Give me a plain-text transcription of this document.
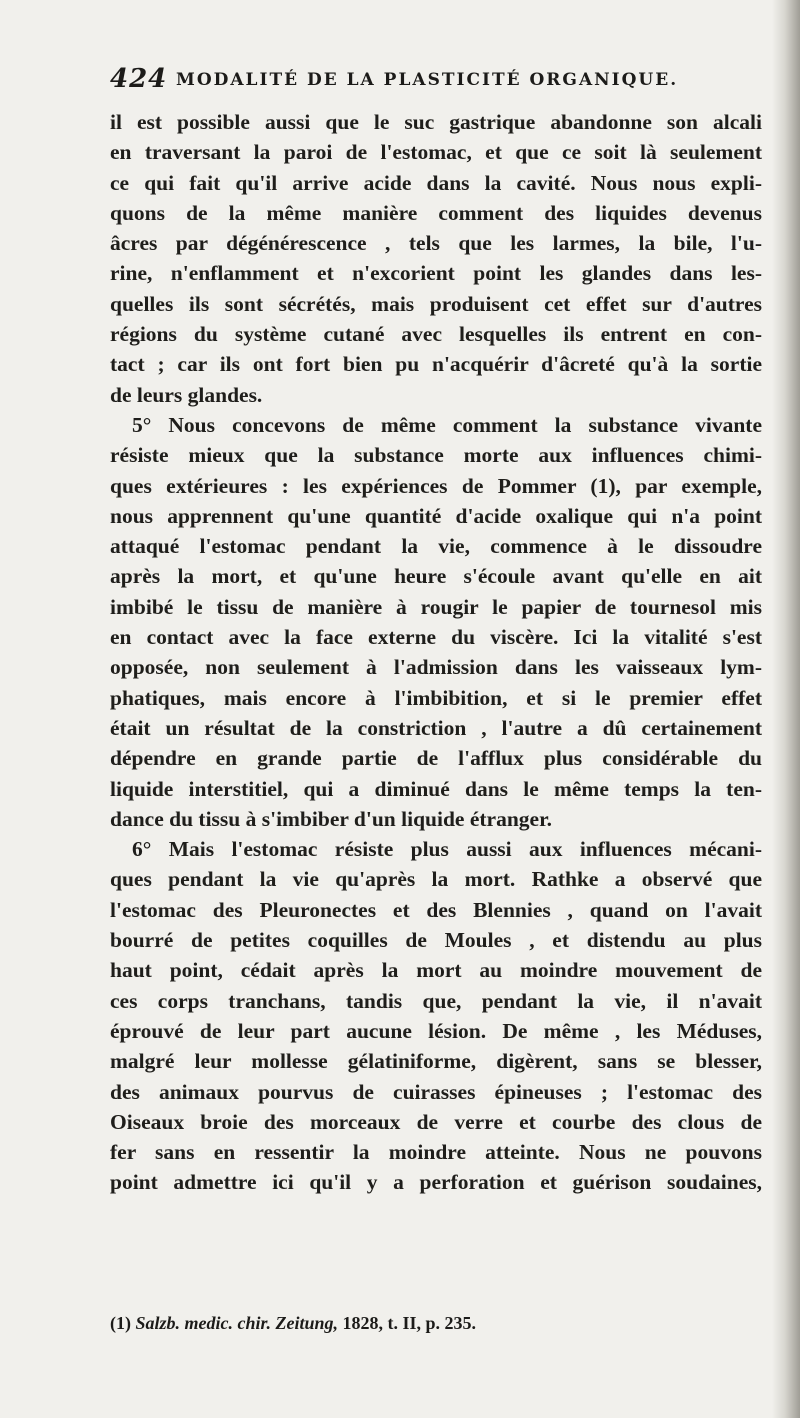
424 MODALITÉ DE LA PLASTICITÉ ORGANIQUE.
il est possible aussi que le suc gastrique abandonne son alcali
en traversant la paroi de l'estomac, et que ce soit là seulement
ce qui fait qu'il arrive acide dans la cavité. Nous nous expli-
quons de la même manière comment des liquides devenus
âcres par dégénérescence , tels que les larmes, la bile, l'u-
rine, n'enflamment et n'excorient point les glandes dans les-
quelles ils sont sécrétés, mais produisent cet effet sur d'autres
régions du système cutané avec lesquelles ils entrent en con-
tact ; car ils ont fort bien pu n'acquérir d'âcreté qu'à la sortie
de leurs glandes.
5° Nous concevons de même comment la substance vivante
résiste mieux que la substance morte aux influences chimi-
ques extérieures : les expériences de Pommer (1), par exemple,
nous apprennent qu'une quantité d'acide oxalique qui n'a point
attaqué l'estomac pendant la vie, commence à le dissoudre
après la mort, et qu'une heure s'écoule avant qu'elle en ait
imbibé le tissu de manière à rougir le papier de tournesol mis
en contact avec la face externe du viscère. Ici la vitalité s'est
opposée, non seulement à l'admission dans les vaisseaux lym-
phatiques, mais encore à l'imbibition, et si le premier effet
était un résultat de la constriction , l'autre a dû certainement
dépendre en grande partie de l'afflux plus considérable du
liquide interstitiel, qui a diminué dans le même temps la ten-
dance du tissu à s'imbiber d'un liquide étranger.
6° Mais l'estomac résiste plus aussi aux influences mécani-
ques pendant la vie qu'après la mort. Rathke a observé que
l'estomac des Pleuronectes et des Blennies , quand on l'avait
bourré de petites coquilles de Moules , et distendu au plus
haut point, cédait après la mort au moindre mouvement de
ces corps tranchans, tandis que, pendant la vie, il n'avait
éprouvé de leur part aucune lésion. De même , les Méduses,
malgré leur mollesse gélatiniforme, digèrent, sans se blesser,
des animaux pourvus de cuirasses épineuses ; l'estomac des
Oiseaux broie des morceaux de verre et courbe des clous de
fer sans en ressentir la moindre atteinte. Nous ne pouvons
point admettre ici qu'il y a perforation et guérison soudaines,
(1) Salzb. medic. chir. Zeitung, 1828, t. II, p. 235.
